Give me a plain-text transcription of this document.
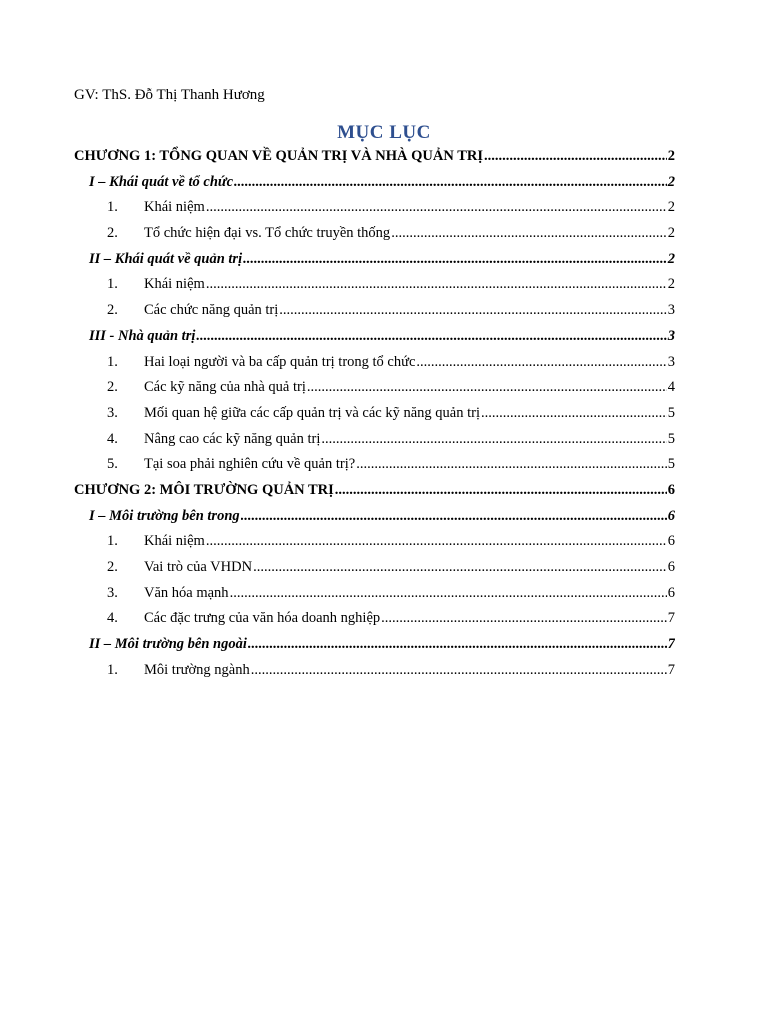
GV: ThS. Đỗ Thị Thanh Hương
MỤC LỤC
CHƯƠNG 1: TỔNG QUAN VỀ QUẢN TRỊ VÀ NHÀ QUẢN TRỊ .....	2
I – Khái quát về tổ chức .....	2
1.	Khái niệm .....	2
2.	Tổ chức hiện đại vs. Tổ chức truyền thống .....	2
II – Khái quát về quản trị .....	2
1.	Khái niệm .....	2
2.	Các chức năng quản trị .....	3
III - Nhà quản trị .....	3
1.	Hai loại người và ba cấp quản trị trong tổ chức .....	3
2.	Các kỹ năng của nhà quả trị .....	4
3.	Mối quan hệ giữa các cấp quản trị và các kỹ năng quản trị .....	5
4.	Nâng cao các kỹ năng quản trị .....	5
5.	Tại soa phải nghiên cứu về quản trị? .....	5
CHƯƠNG 2: MÔI TRƯỜNG QUẢN TRỊ .....	6
I – Môi trường bên trong .....	6
1.	Khái niệm .....	6
2.	Vai trò của VHDN .....	6
3.	Văn hóa mạnh .....	6
4.	Các đặc trưng của văn hóa doanh nghiệp .....	7
II – Môi trường bên ngoài .....	7
1.	Môi trường ngành .....	7
